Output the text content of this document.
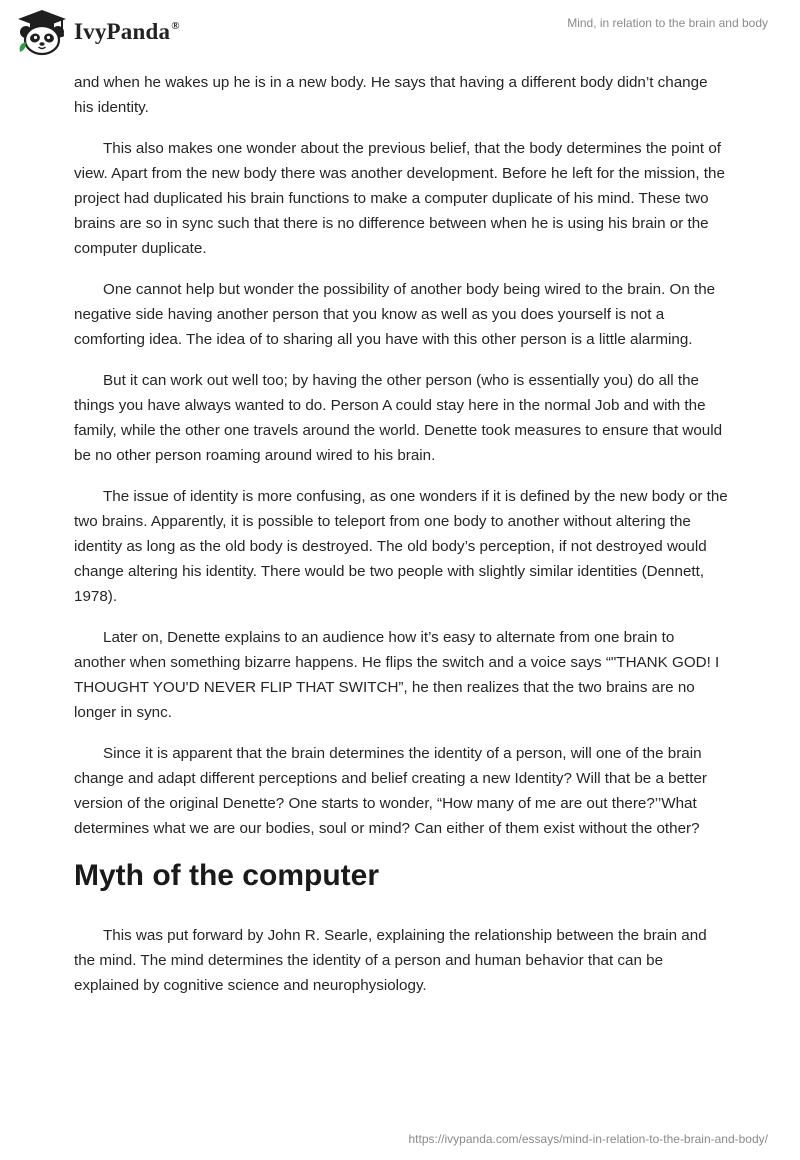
IvyPanda®	Mind, in relation to the brain and body

and when he wakes up he is in a new body. He says that having a different body didn’t change his identity.

This also makes one wonder about the previous belief, that the body determines the point of view. Apart from the new body there was another development. Before he left for the mission, the project had duplicated his brain functions to make a computer duplicate of his mind. These two brains are so in sync such that there is no difference between when he is using his brain or the computer duplicate.

One cannot help but wonder the possibility of another body being wired to the brain. On the negative side having another person that you know as well as you does yourself is not a comforting idea. The idea of to sharing all you have with this other person is a little alarming.

But it can work out well too; by having the other person (who is essentially you) do all the things you have always wanted to do. Person A could stay here in the normal Job and with the family, while the other one travels around the world. Denette took measures to ensure that would be no other person roaming around wired to his brain.

The issue of identity is more confusing, as one wonders if it is defined by the new body or the two brains. Apparently, it is possible to teleport from one body to another without altering the identity as long as the old body is destroyed. The old body’s perception, if not destroyed would change altering his identity. There would be two people with slightly similar identities (Dennett, 1978).

Later on, Denette explains to an audience how it’s easy to alternate from one brain to another when something bizarre happens. He flips the switch and a voice says “"THANK GOD! I THOUGHT YOU'D NEVER FLIP THAT SWITCH”, he then realizes that the two brains are no longer in sync.

Since it is apparent that the brain determines the identity of a person, will one of the brain change and adapt different perceptions and belief creating a new Identity? Will that be a better version of the original Denette? One starts to wonder, “How many of me are out there?’’What determines what we are our bodies, soul or mind? Can either of them exist without the other?

Myth of the computer

This was put forward by John R. Searle, explaining the relationship between the brain and the mind. The mind determines the identity of a person and human behavior that can be explained by cognitive science and neurophysiology.

https://ivypanda.com/essays/mind-in-relation-to-the-brain-and-body/
